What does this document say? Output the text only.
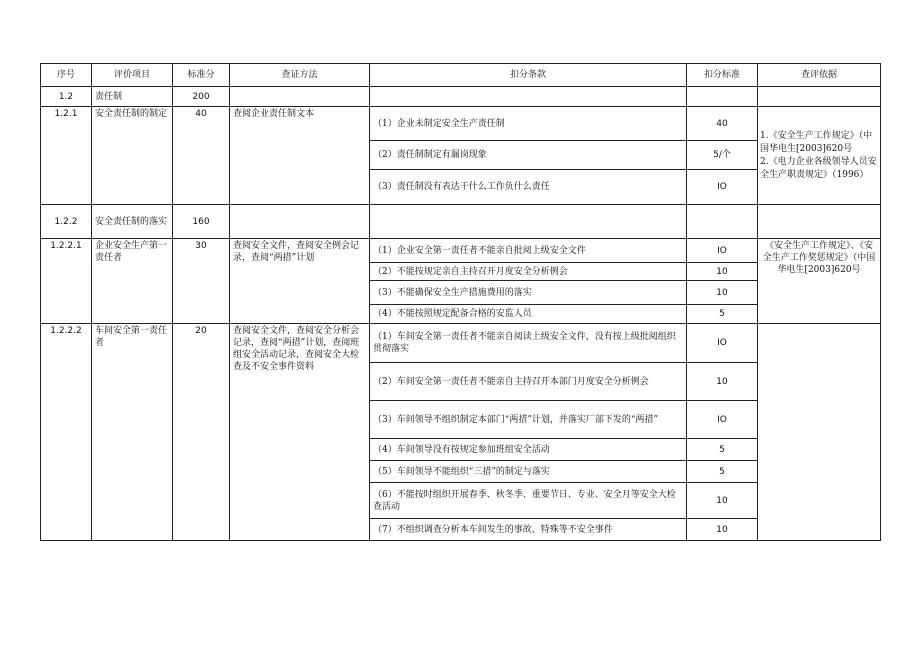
序号	评价项目	标准分	查证方法	扣分条款	扣分标准	查评依据
1.2	责任制	200				
1.2.1	安全责任制的制定	40	查阅企业责任制文本	（1）企业未制定安全生产责任制	40	1.《安全生产工作规定》（中国华电生[2003]620号
2.《电力企业各级领导人员安全生产职责规定》（1996）

				（2）责任制制定有漏岗现象	5/个	
				（3）责任制没有表达干什么工作负什么责任	IO	
1.2.2	安全责任制的落实	160				
1.2.2.1	企业安全生产第一责任者	30	查阅安全文件，查阅安全例会记录，查阅“两措”计划	（1）企业安全第一责任者不能亲自批阅上级安全文件	IO	《安全生产工作规定》、《安全生产工作奖惩规定》（中国华电生[2003]620号
				（2）不能按规定亲自主持召开月度安全分析例会	10	
				（3）不能确保安全生产措施费用的落实	10	
				（4）不能按照规定配备合格的安监人员	5	
1.2.2.2	车间安全第一责任者	20	查阅安全文件，查阅安全分析会记录，查阅“两措”计划，查阅班组安全活动记录，查阅安全大检查及不安全事件资料	（1）车间安全第一责任者不能亲自阅读上级安全文件，没有按上级批阅组织贯彻落实	IO	
				（2）车间安全第一责任者不能亲自主持召开本部门月度安全分析例会	10	
				（3）车间领导不组织制定本部门“两措”计划，并落实厂部下发的“两措”	IO	
				（4）车间领导没有按规定参加班组安全活动	5	
				（5）车间领导不能组织“三措”的制定与落实	5	
				（6）不能按时组织开展春季、秋冬季、重要节日、专业、安全月等安全大检查活动	10	
				（7）不组织调查分析本车间发生的事故、特殊等不安全事件	10	
